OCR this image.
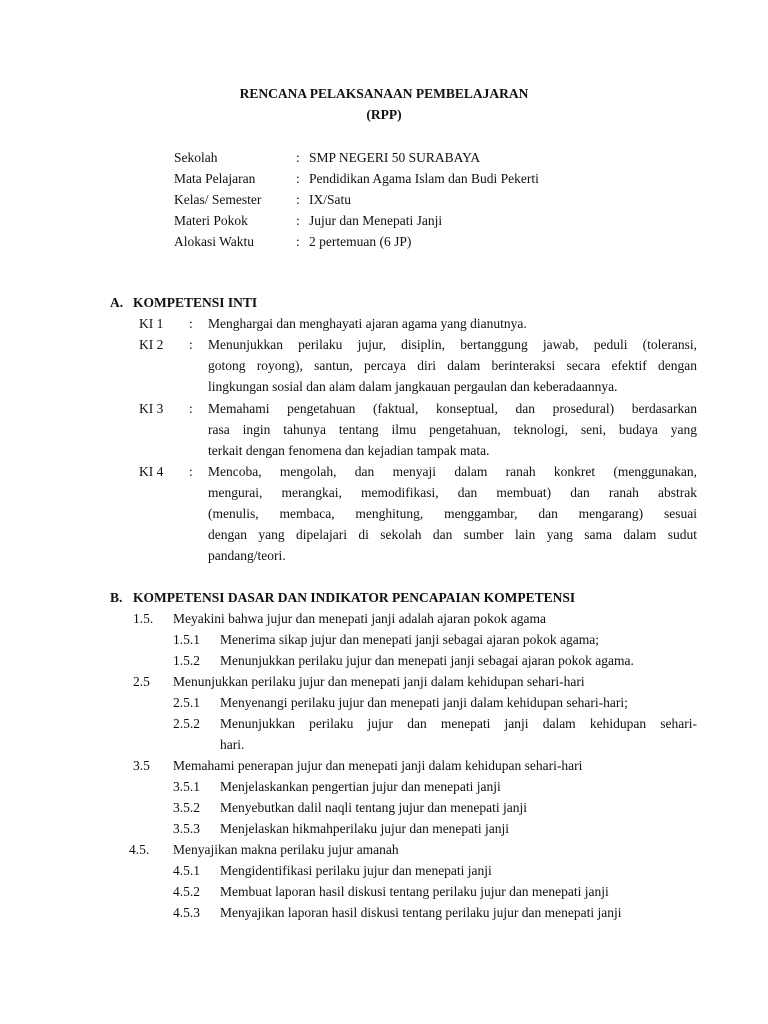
RENCANA PELAKSANAAN PEMBELAJARAN
(RPP)
Sekolah	: SMP NEGERI 50 SURABAYA
Mata Pelajaran	: Pendidikan Agama Islam dan Budi Pekerti
Kelas/ Semester	: IX/Satu
Materi Pokok	: Jujur dan Menepati Janji
Alokasi Waktu	: 2 pertemuan (6 JP)
A. KOMPETENSI INTI
KI 1 : Menghargai dan menghayati ajaran agama yang dianutnya.
KI 2 : Menunjukkan perilaku jujur, disiplin, bertanggung jawab, peduli (toleransi,
gotong royong), santun, percaya diri dalam berinteraksi secara efektif dengan
lingkungan sosial dan alam dalam jangkauan pergaulan dan keberadaannya.
KI 3 : Memahami pengetahuan (faktual, konseptual, dan prosedural) berdasarkan
rasa ingin tahunya tentang ilmu pengetahuan, teknologi, seni, budaya yang
terkait dengan fenomena dan kejadian tampak mata.
KI 4 : Mencoba, mengolah, dan menyaji dalam ranah konkret (menggunakan,
mengurai, merangkai, memodifikasi, dan membuat) dan ranah abstrak
(menulis, membaca, menghitung, menggambar, dan mengarang) sesuai
dengan yang dipelajari di sekolah dan sumber lain yang sama dalam sudut
pandang/teori.
B. KOMPETENSI DASAR DAN INDIKATOR PENCAPAIAN KOMPETENSI
1.5. Meyakini bahwa jujur dan menepati janji adalah ajaran pokok agama
1.5.1 Menerima sikap jujur dan menepati janji sebagai ajaran pokok agama;
1.5.2 Menunjukkan perilaku jujur dan menepati janji sebagai ajaran pokok agama.
2.5 Menunjukkan perilaku jujur dan menepati janji dalam kehidupan sehari-hari
2.5.1 Menyenangi perilaku jujur dan menepati janji dalam kehidupan sehari-hari;
2.5.2 Menunjukkan perilaku jujur dan menepati janji dalam kehidupan sehari-
hari.
3.5 Memahami penerapan jujur dan menepati janji dalam kehidupan sehari-hari
3.5.1 Menjelaskankan pengertian jujur dan menepati janji
3.5.2 Menyebutkan dalil naqli tentang jujur dan menepati janji
3.5.3 Menjelaskan hikmahperilaku jujur dan menepati janji
4.5. Menyajikan makna perilaku jujur amanah
4.5.1 Mengidentifikasi perilaku jujur dan menepati janji
4.5.2 Membuat laporan hasil diskusi tentang perilaku jujur dan menepati janji
4.5.3 Menyajikan laporan hasil diskusi tentang perilaku jujur dan menepati janji
